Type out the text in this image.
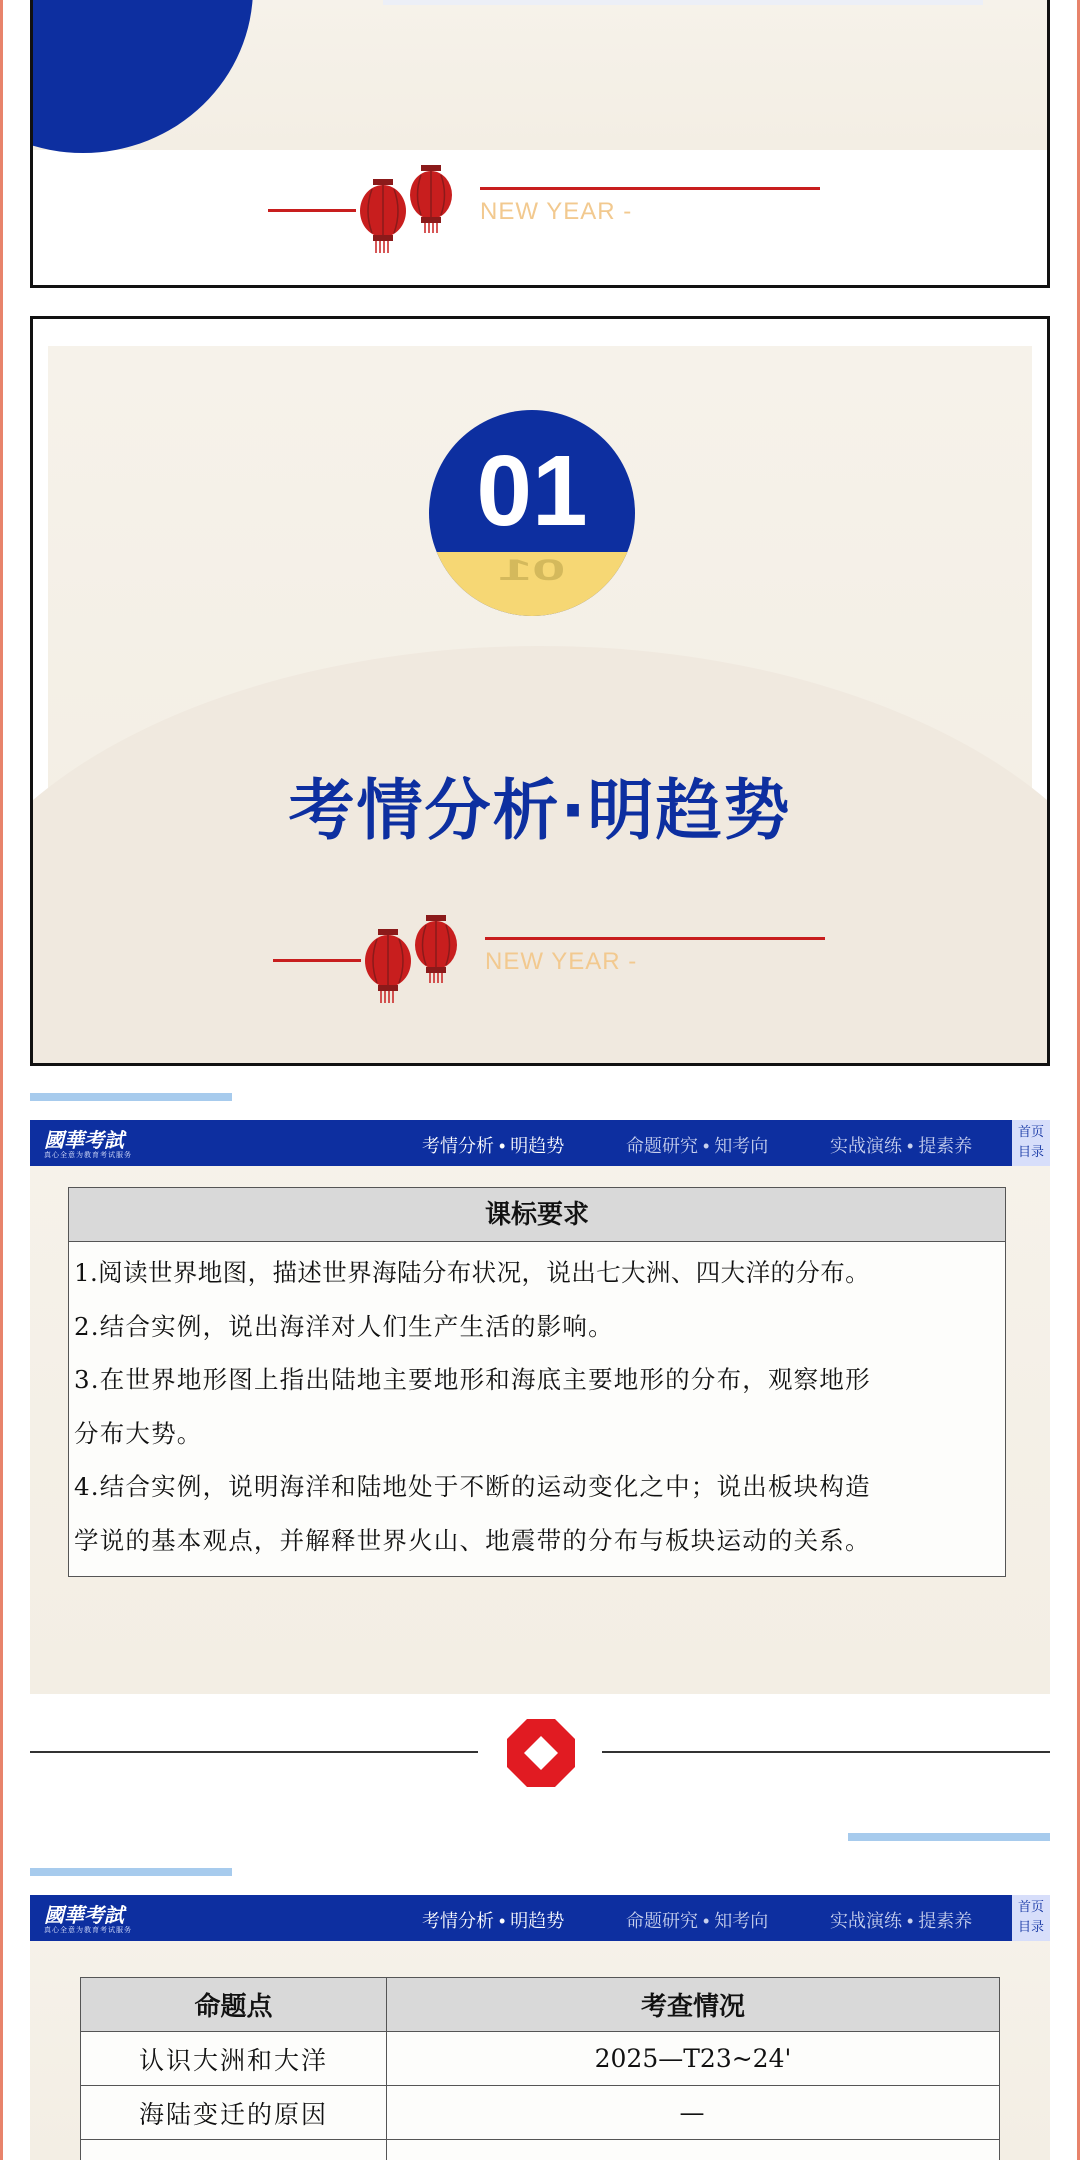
NEW YEAR -
01
01
考情分析·明趋势
NEW YEAR -
國華考試
真心全意为教育考试服务	考情分析 • 明趋势	命题研究 • 知考向	实战演练 • 提素养
首页
目录
课标要求
1.阅读世界地图，描述世界海陆分布状况，说出七大洲、四大洋的分布。
2.结合实例，说出海洋对人们生产生活的影响。
3.在世界地形图上指出陆地主要地形和海底主要地形的分布，观察地形
分布大势。
4.结合实例，说明海洋和陆地处于不断的运动变化之中；说出板块构造
学说的基本观点，并解释世界火山、地震带的分布与板块运动的关系。
國華考試
真心全意为教育考试服务	考情分析 • 明趋势	命题研究 • 知考向	实战演练 • 提素养
首页
目录
命题点	考查情况
认识大洲和大洋	2025—T23~24'
海陆变迁的原因	—
